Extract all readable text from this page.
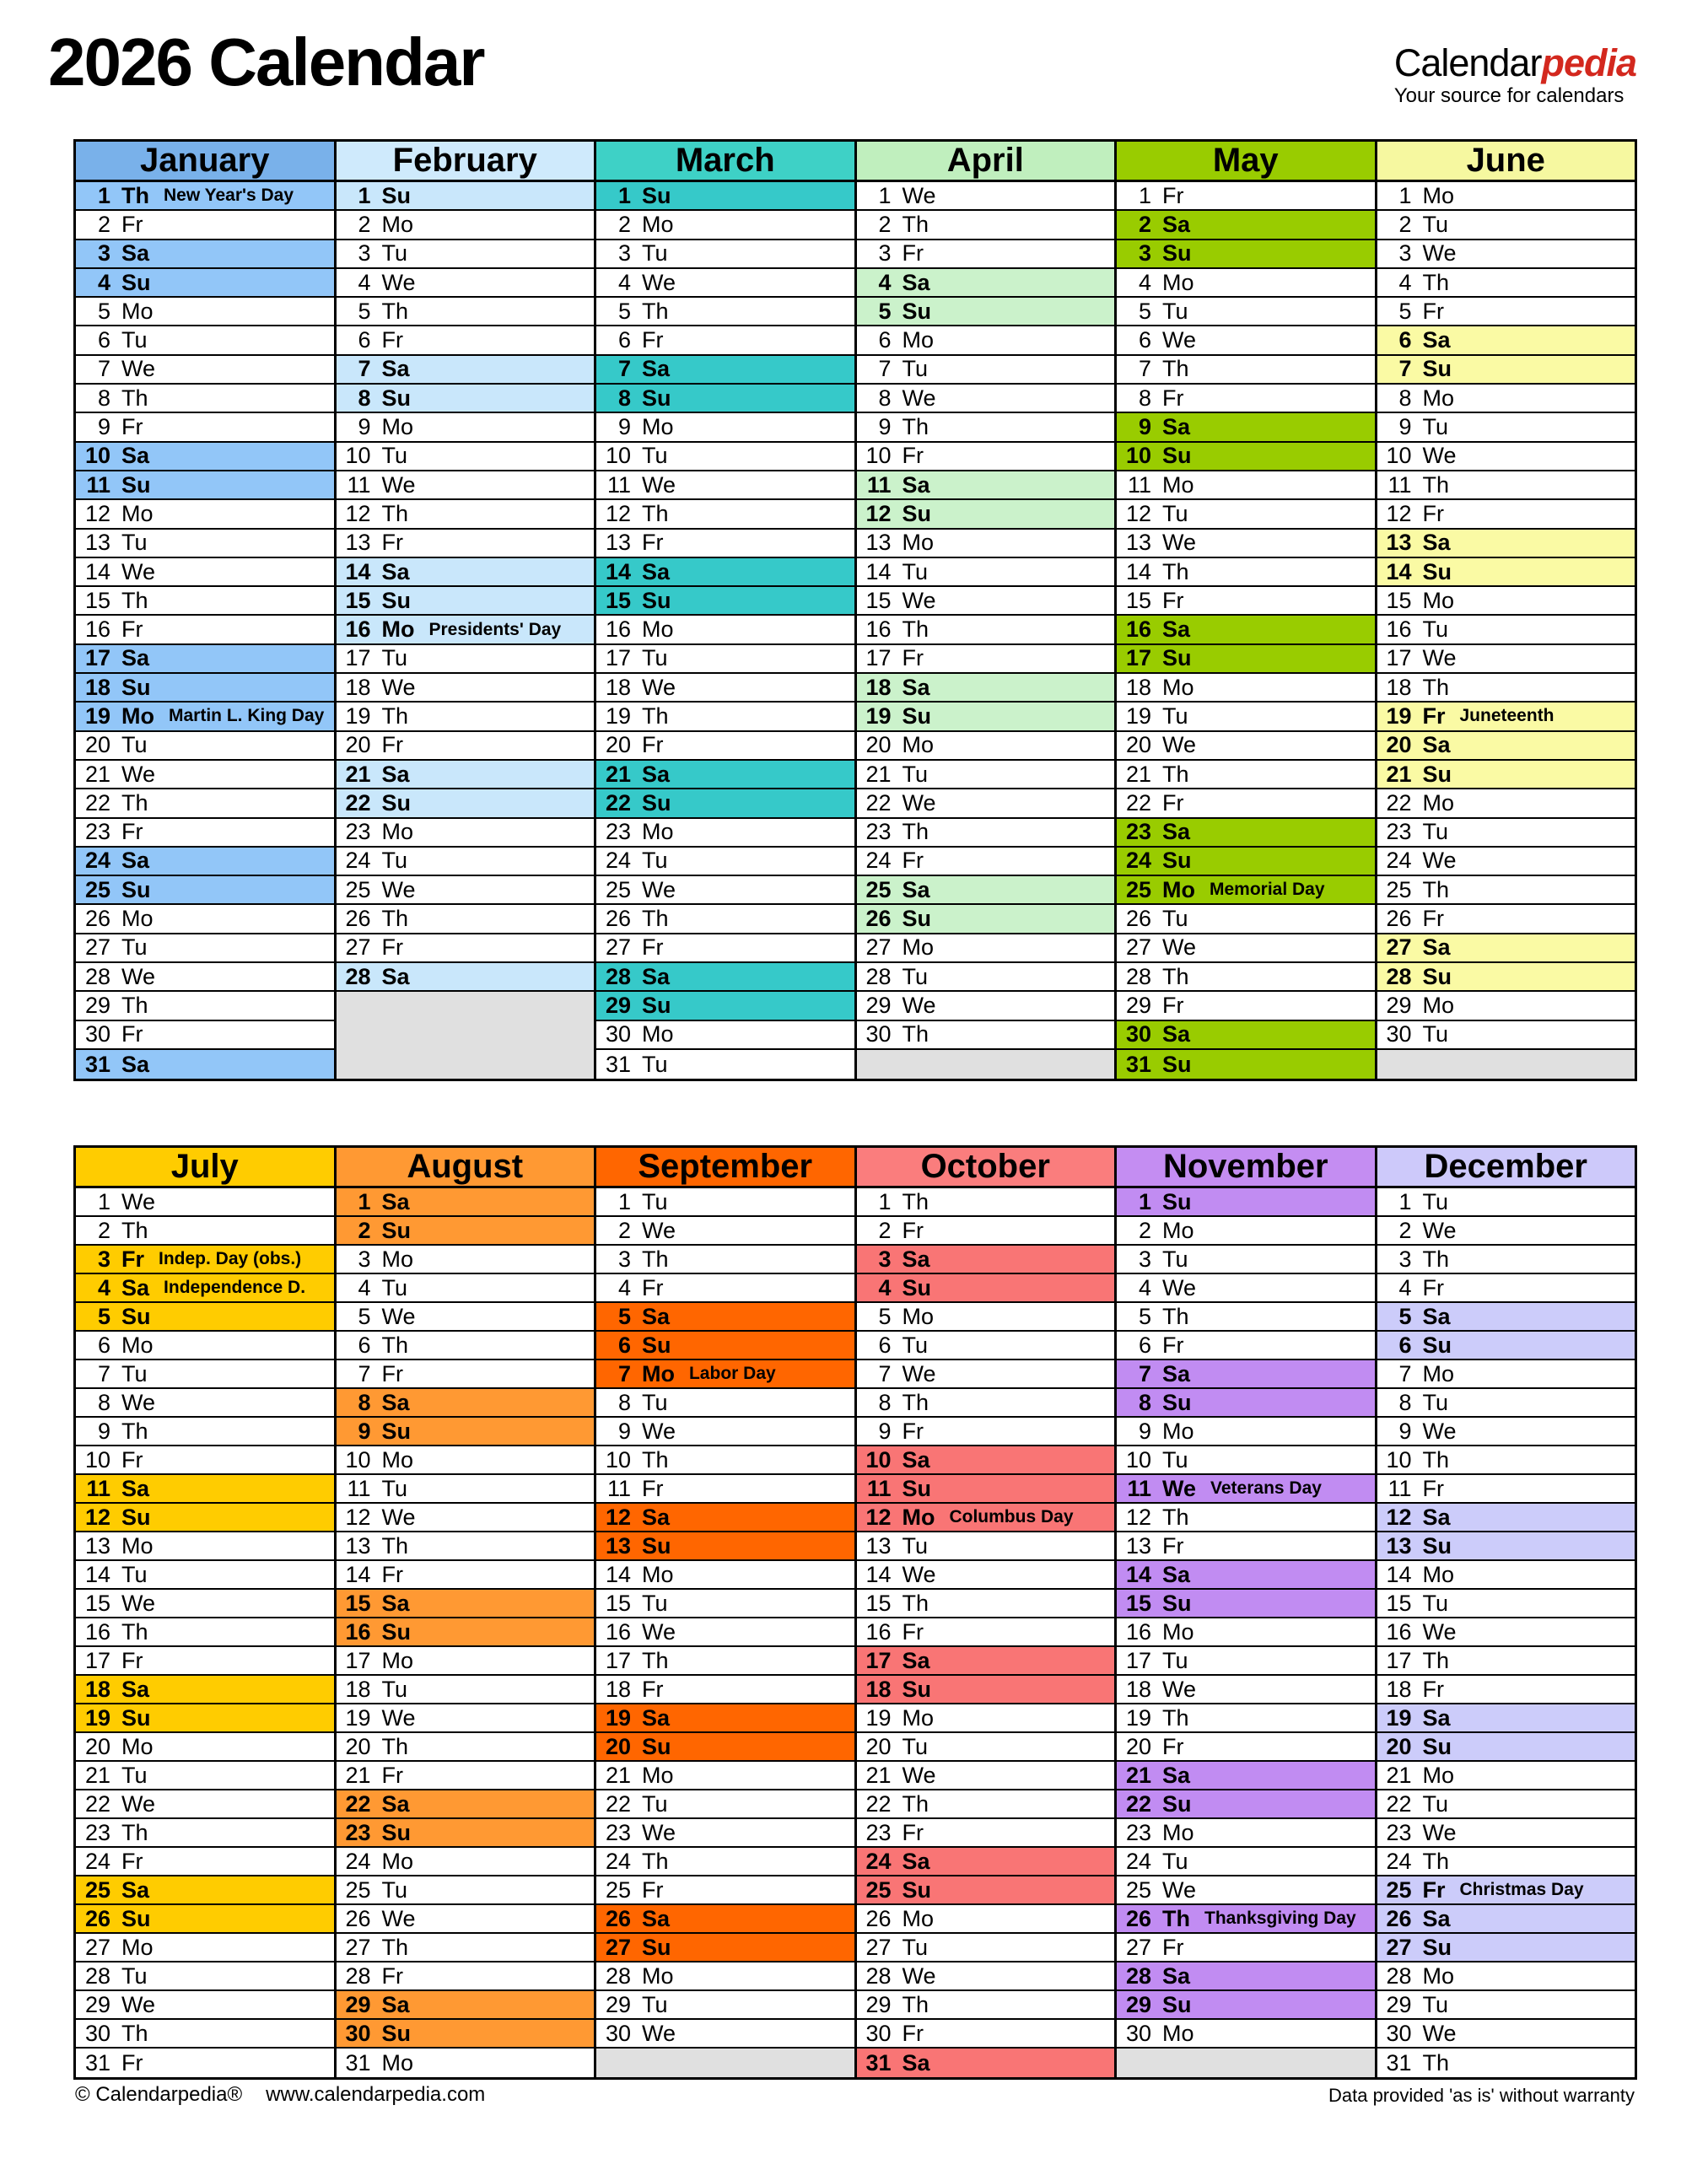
2026 Calendar	Calendarpedia
Your source for calendars
January
1 Th New Year's Day
2 Fr
3 Sa
4 Su
5 Mo
6 Tu
7 We
8 Th
9 Fr
10 Sa
11 Su
12 Mo
13 Tu
14 We
15 Th
16 Fr
17 Sa
18 Su
19 Mo Martin L. King Day
20 Tu
21 We
22 Th
23 Fr
24 Sa
25 Su
26 Mo
27 Tu
28 We
29 Th
30 Fr
31 Sa
February
1 Su
2 Mo
3 Tu
4 We
5 Th
6 Fr
7 Sa
8 Su
9 Mo
10 Tu
11 We
12 Th
13 Fr
14 Sa
15 Su
16 Mo Presidents' Day
17 Tu
18 We
19 Th
20 Fr
21 Sa
22 Su
23 Mo
24 Tu
25 We
26 Th
27 Fr
28 Sa
March
1 Su
2 Mo
3 Tu
4 We
5 Th
6 Fr
7 Sa
8 Su
9 Mo
10 Tu
11 We
12 Th
13 Fr
14 Sa
15 Su
16 Mo
17 Tu
18 We
19 Th
20 Fr
21 Sa
22 Su
23 Mo
24 Tu
25 We
26 Th
27 Fr
28 Sa
29 Su
30 Mo
31 Tu
April
1 We
2 Th
3 Fr
4 Sa
5 Su
6 Mo
7 Tu
8 We
9 Th
10 Fr
11 Sa
12 Su
13 Mo
14 Tu
15 We
16 Th
17 Fr
18 Sa
19 Su
20 Mo
21 Tu
22 We
23 Th
24 Fr
25 Sa
26 Su
27 Mo
28 Tu
29 We
30 Th
May
1 Fr
2 Sa
3 Su
4 Mo
5 Tu
6 We
7 Th
8 Fr
9 Sa
10 Su
11 Mo
12 Tu
13 We
14 Th
15 Fr
16 Sa
17 Su
18 Mo
19 Tu
20 We
21 Th
22 Fr
23 Sa
24 Su
25 Mo Memorial Day
26 Tu
27 We
28 Th
29 Fr
30 Sa
31 Su
June
1 Mo
2 Tu
3 We
4 Th
5 Fr
6 Sa
7 Su
8 Mo
9 Tu
10 We
11 Th
12 Fr
13 Sa
14 Su
15 Mo
16 Tu
17 We
18 Th
19 Fr Juneteenth
20 Sa
21 Su
22 Mo
23 Tu
24 We
25 Th
26 Fr
27 Sa
28 Su
29 Mo
30 Tu
July
1 We
2 Th
3 Fr Indep. Day (obs.)
4 Sa Independence D.
5 Su
6 Mo
7 Tu
8 We
9 Th
10 Fr
11 Sa
12 Su
13 Mo
14 Tu
15 We
16 Th
17 Fr
18 Sa
19 Su
20 Mo
21 Tu
22 We
23 Th
24 Fr
25 Sa
26 Su
27 Mo
28 Tu
29 We
30 Th
31 Fr
August
1 Sa
2 Su
3 Mo
4 Tu
5 We
6 Th
7 Fr
8 Sa
9 Su
10 Mo
11 Tu
12 We
13 Th
14 Fr
15 Sa
16 Su
17 Mo
18 Tu
19 We
20 Th
21 Fr
22 Sa
23 Su
24 Mo
25 Tu
26 We
27 Th
28 Fr
29 Sa
30 Su
31 Mo
September
1 Tu
2 We
3 Th
4 Fr
5 Sa
6 Su
7 Mo Labor Day
8 Tu
9 We
10 Th
11 Fr
12 Sa
13 Su
14 Mo
15 Tu
16 We
17 Th
18 Fr
19 Sa
20 Su
21 Mo
22 Tu
23 We
24 Th
25 Fr
26 Sa
27 Su
28 Mo
29 Tu
30 We
October
1 Th
2 Fr
3 Sa
4 Su
5 Mo
6 Tu
7 We
8 Th
9 Fr
10 Sa
11 Su
12 Mo Columbus Day
13 Tu
14 We
15 Th
16 Fr
17 Sa
18 Su
19 Mo
20 Tu
21 We
22 Th
23 Fr
24 Sa
25 Su
26 Mo
27 Tu
28 We
29 Th
30 Fr
31 Sa
November
1 Su
2 Mo
3 Tu
4 We
5 Th
6 Fr
7 Sa
8 Su
9 Mo
10 Tu
11 We Veterans Day
12 Th
13 Fr
14 Sa
15 Su
16 Mo
17 Tu
18 We
19 Th
20 Fr
21 Sa
22 Su
23 Mo
24 Tu
25 We
26 Th Thanksgiving Day
27 Fr
28 Sa
29 Su
30 Mo
December
1 Tu
2 We
3 Th
4 Fr
5 Sa
6 Su
7 Mo
8 Tu
9 We
10 Th
11 Fr
12 Sa
13 Su
14 Mo
15 Tu
16 We
17 Th
18 Fr
19 Sa
20 Su
21 Mo
22 Tu
23 We
24 Th
25 Fr Christmas Day
26 Sa
27 Su
28 Mo
29 Tu
30 We
31 Th
© Calendarpedia® www.calendarpedia.com	Data provided 'as is' without warranty
